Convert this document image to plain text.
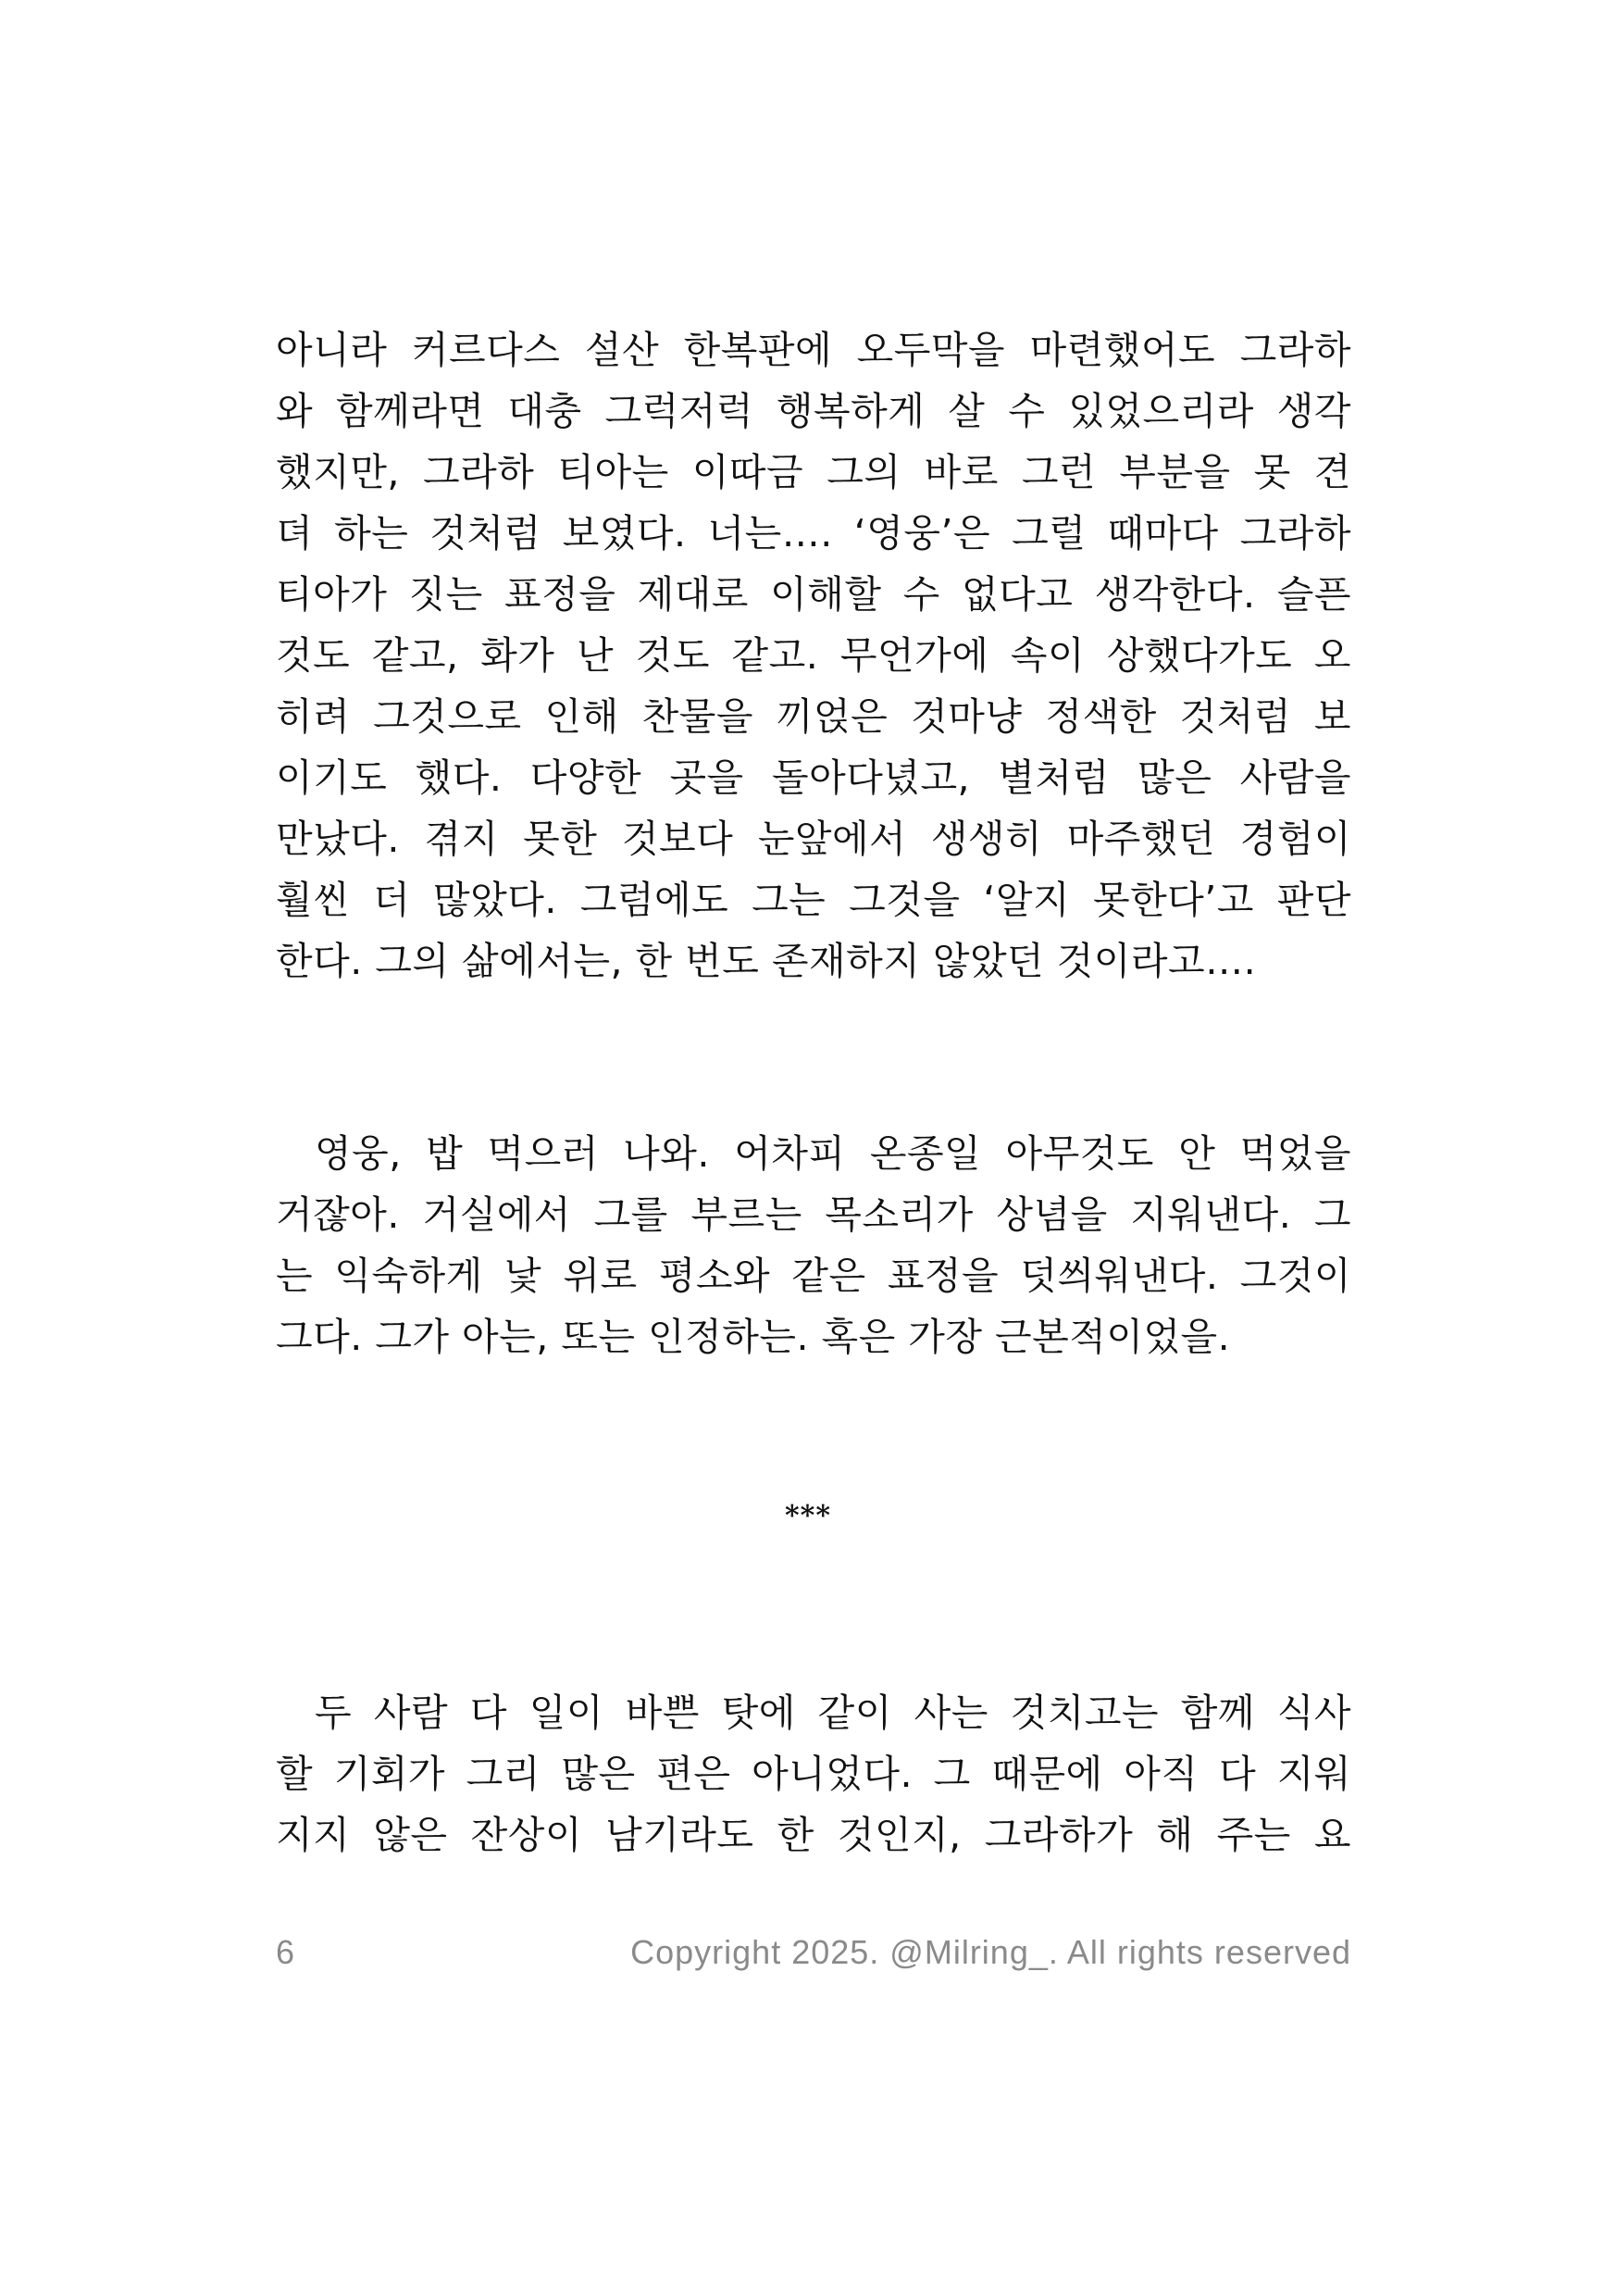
아니라 커르다스 설산 한복판에 오두막을 마련했어도 그라하
와 함께라면 대충 그럭저럭 행복하게 살 수 있었으리라 생각
했지만, 그라하 티아는 이따금 그의 바로 그런 부분을 못 견
뎌 하는 것처럼 보였다. 너는…. ‘영웅’은 그럴 때마다 그라하
티아가 짓는 표정을 제대로 이해할 수 없다고 생각한다. 슬픈
것도 같고, 화가 난 것도 같고. 무언가에 속이 상했다가도 오
히려 그것으로 인해 찬물을 끼얹은 것마냥 정색한 것처럼 보
이기도 했다. 다양한 곳을 돌아다녔고, 별처럼 많은 사람을
만났다. 겪지 못한 것보다 눈앞에서 생생히 마주했던 경험이
훨씬 더 많았다. 그럼에도 그는 그것을 ‘알지 못한다’고 판단
한다. 그의 삶에서는, 한 번도 존재하지 않았던 것이라고….
영웅, 밥 먹으러 나와. 어차피 온종일 아무것도 안 먹었을
거잖아. 거실에서 그를 부르는 목소리가 상념을 지워낸다. 그
는 익숙하게 낯 위로 평소와 같은 표정을 덧씌워낸다. 그것이
그다. 그가 아는, 또는 인정하는. 혹은 가장 근본적이었을.
***
두 사람 다 일이 바쁜 탓에 같이 사는 것치고는 함께 식사
할 기회가 그리 많은 편은 아니었다. 그 때문에 아직 다 지워
지지 않은 잔상이 남기라도 한 것인지, 그라하가 해 주는 요
6	Copyright 2025. @Milring_. All rights reserved
